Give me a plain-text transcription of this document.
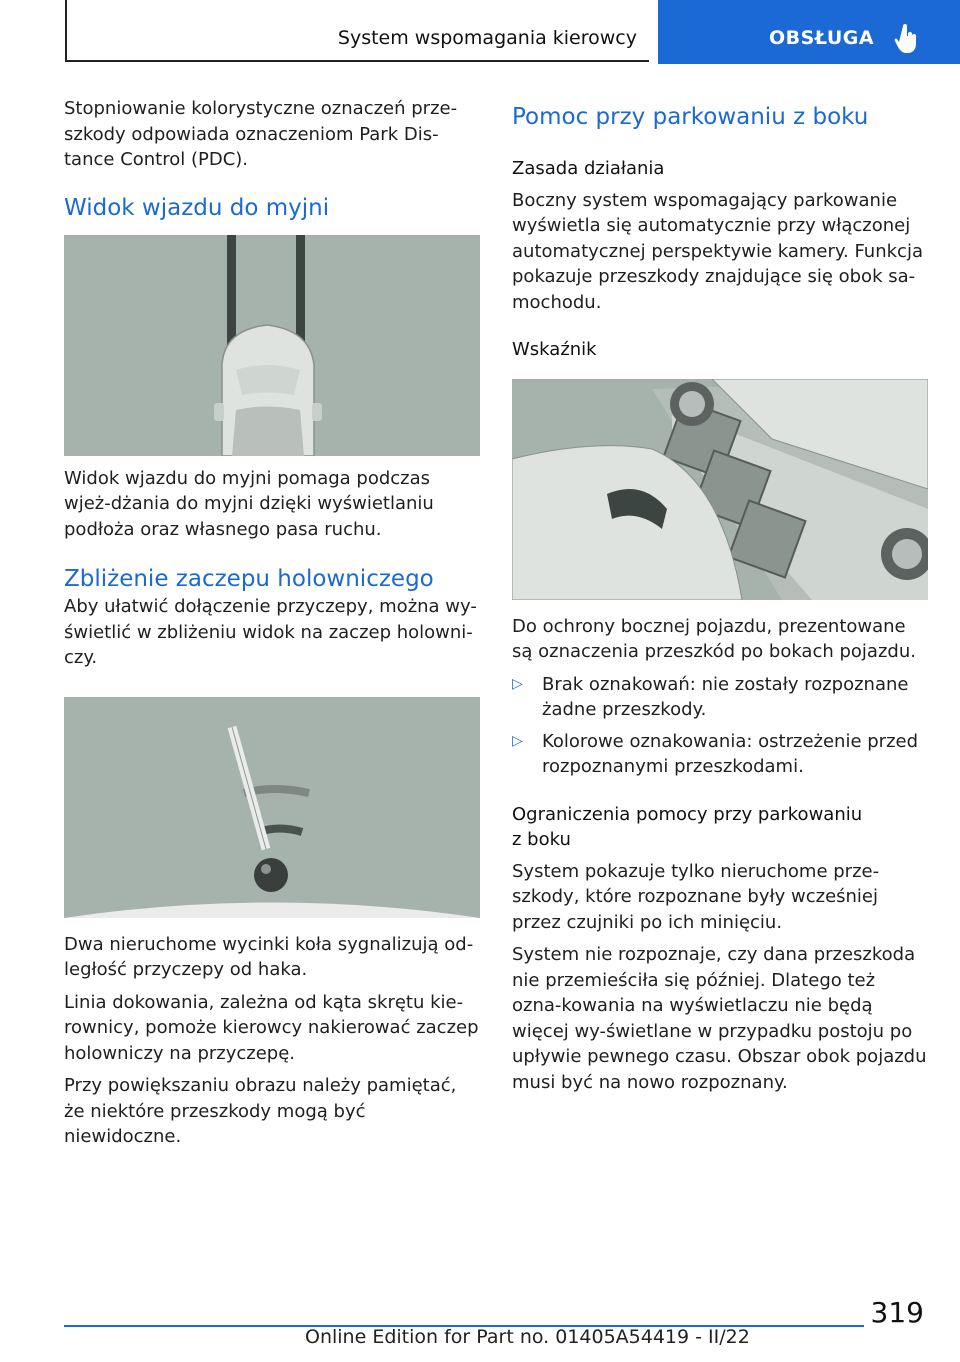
System wspomagania kierowcy	OBSŁUGA

Stopniowanie kolorystyczne oznaczeń prze-szkody odpowiada oznaczeniom Park Dis-tance Control (PDC).

Widok wjazdu do myjni

Widok wjazdu do myjni pomaga podczas wjeż-dżania do myjni dzięki wyświetlaniu podłoża oraz własnego pasa ruchu.

Zbliżenie zaczepu holowniczego

Aby ułatwić dołączenie przyczepy, można wy-świetlić w zbliżeniu widok na zaczep holowni-czy.

Dwa nieruchome wycinki koła sygnalizują od-ległość przyczepy od haka.

Linia dokowania, zależna od kąta skrętu kie-rownicy, pomoże kierowcy nakierować zaczep holowniczy na przyczepę.

Przy powiększaniu obrazu należy pamiętać, że niektóre przeszkody mogą być niewidoczne.

Pomoc przy parkowaniu z boku
Zasada działania

Boczny system wspomagający parkowanie wyświetla się automatycznie przy włączonej automatycznej perspektywie kamery. Funkcja pokazuje przeszkody znajdujące się obok sa-mochodu.

Wskaźnik

Do ochrony bocznej pojazdu, prezentowane są oznaczenia przeszkód po bokach pojazdu.

▷ Brak oznakowań: nie zostały rozpoznane żadne przeszkody.
▷ Kolorowe oznakowania: ostrzeżenie przed rozpoznanymi przeszkodami.
Ograniczenia pomocy przy parkowaniu z boku

System pokazuje tylko nieruchome prze-szkody, które rozpoznane były wcześniej przez czujniki po ich minięciu.

System nie rozpoznaje, czy dana przeszkoda nie przemieściła się później. Dlatego też ozna-kowania na wyświetlaczu nie będą więcej wy-świetlane w przypadku postoju po upływie pewnego czasu. Obszar obok pojazdu musi być na nowo rozpoznany.

319
Online Edition for Part no. 01405A54419 - II/22
